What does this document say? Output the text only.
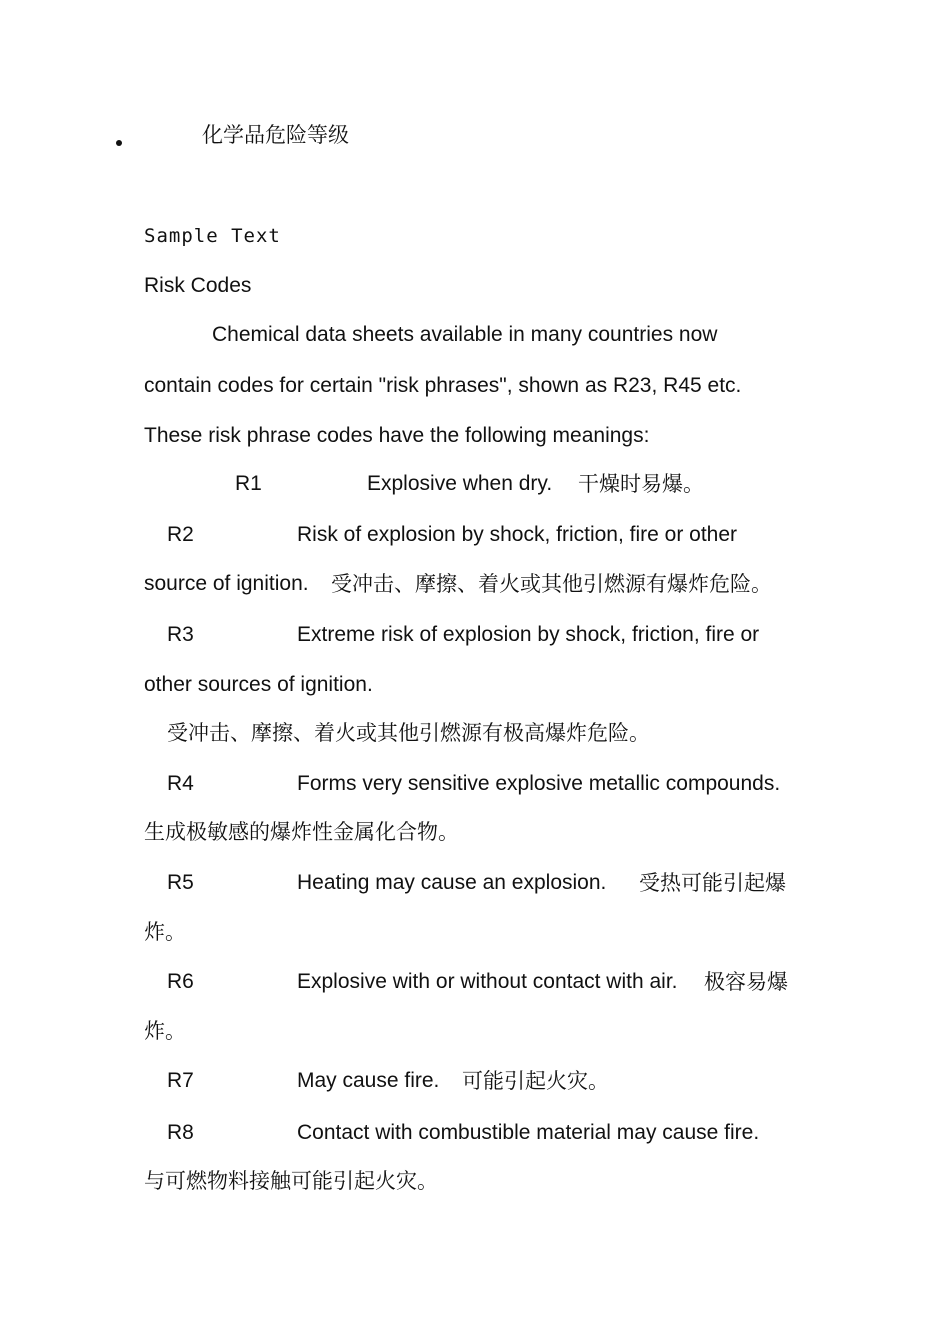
化学品危险等级
Sample Text
Risk Codes
Chemical data sheets available in many countries now
contain codes for certain "risk phrases", shown as R23, R45 etc.
These risk phrase codes have the following meanings:
R1	Explosive when dry. 干燥时易爆。
R2	Risk of explosion by shock, friction, fire or other
source of ignition. 受冲击、摩擦、着火或其他引燃源有爆炸危险。
R3	Extreme risk of explosion by shock, friction, fire or
other sources of ignition.
受冲击、摩擦、着火或其他引燃源有极高爆炸危险。
R4	Forms very sensitive explosive metallic compounds.
生成极敏感的爆炸性金属化合物。
R5	Heating may cause an explosion. 受热可能引起爆
炸。
R6	Explosive with or without contact with air. 极容易爆
炸。
R7	May cause fire. 可能引起火灾。
R8	Contact with combustible material may cause fire.
与可燃物料接触可能引起火灾。
